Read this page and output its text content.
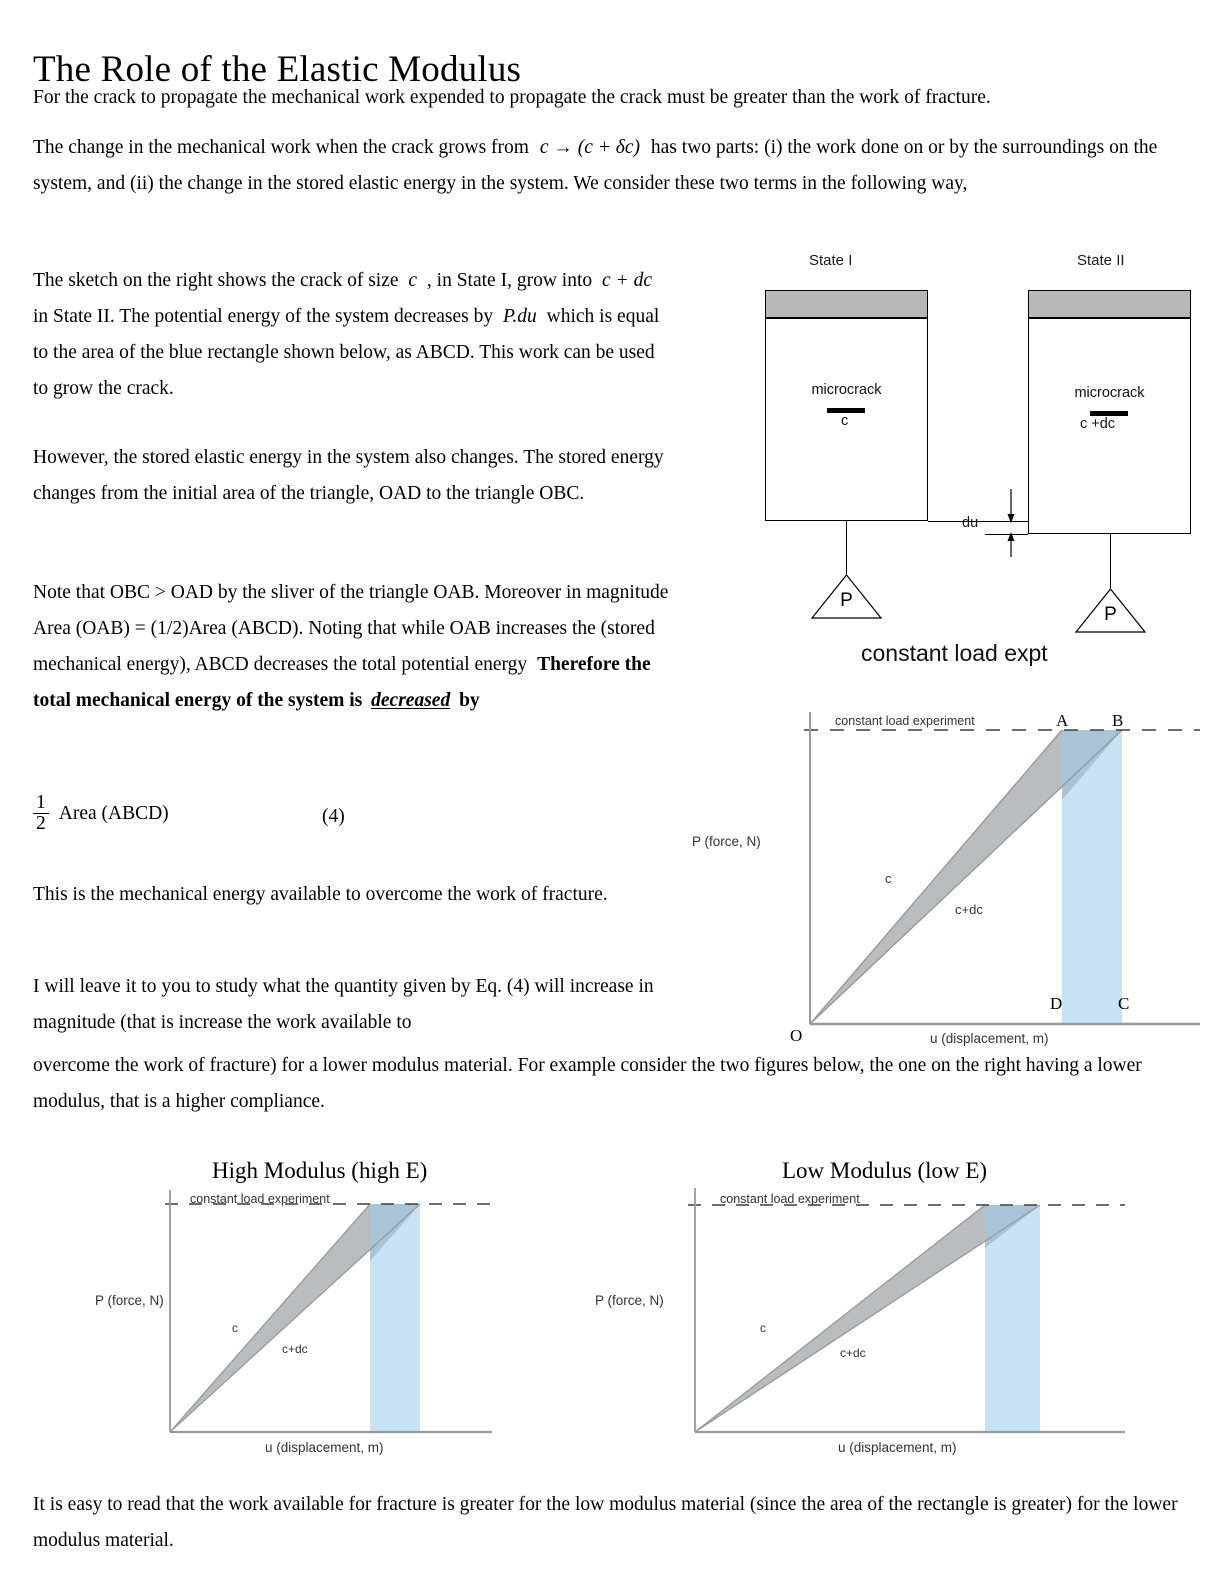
The Role of the Elastic Modulus
For the crack to propagate the mechanical work expended to propagate the crack must be greater than the work of fracture.
The change in the mechanical work when the crack grows from c → (c + δc) has two parts: (i) the work done on or by the surroundings on the system, and (ii) the change in the stored elastic energy in the system. We consider these two terms in the following way,
The sketch on the right shows the crack of size c , in State I, grow into c + dc in State II. The potential energy of the system decreases by P.du which is equal to the area of the blue rectangle shown below, as ABCD. This work can be used to grow the crack.
However, the stored elastic energy in the system also changes. The stored energy changes from the initial area of the triangle, OAD to the triangle OBC.
Note that OBC > OAD by the sliver of the triangle OAB. Moreover in magnitude Area (OAB) = (1/2)Area (ABCD). Noting that while OAB increases the (stored mechanical energy), ABCD decreases the total potential energy Therefore the total mechanical energy of the system is decreased by
$\frac{1}{2}$ Area (ABCD)	(4)
This is the mechanical energy available to overcome the work of fracture.
I will leave it to you to study what the quantity given by Eq. (4) will increase in magnitude (that is increase the work available to
overcome the work of fracture) for a lower modulus material. For example consider the two figures below, the one on the right having a lower modulus, that is a higher compliance.
It is easy to read that the work available for fracture is greater for the low modulus material (since the area of the rectangle is greater) for the lower modulus material.
State I	State II
microcrack
c
P
microcrack
c +dc
P
du
constant load expt
constant load experiment	A	B
D	C
O
P (force, N)
u (displacement, m)
c
c+dc
High Modulus (high E)
constant load experiment
P (force, N)
u (displacement, m)
c
c+dc
Low Modulus (low E)
constant load experiment
P (force, N)
u (displacement, m)
c
c+dc
